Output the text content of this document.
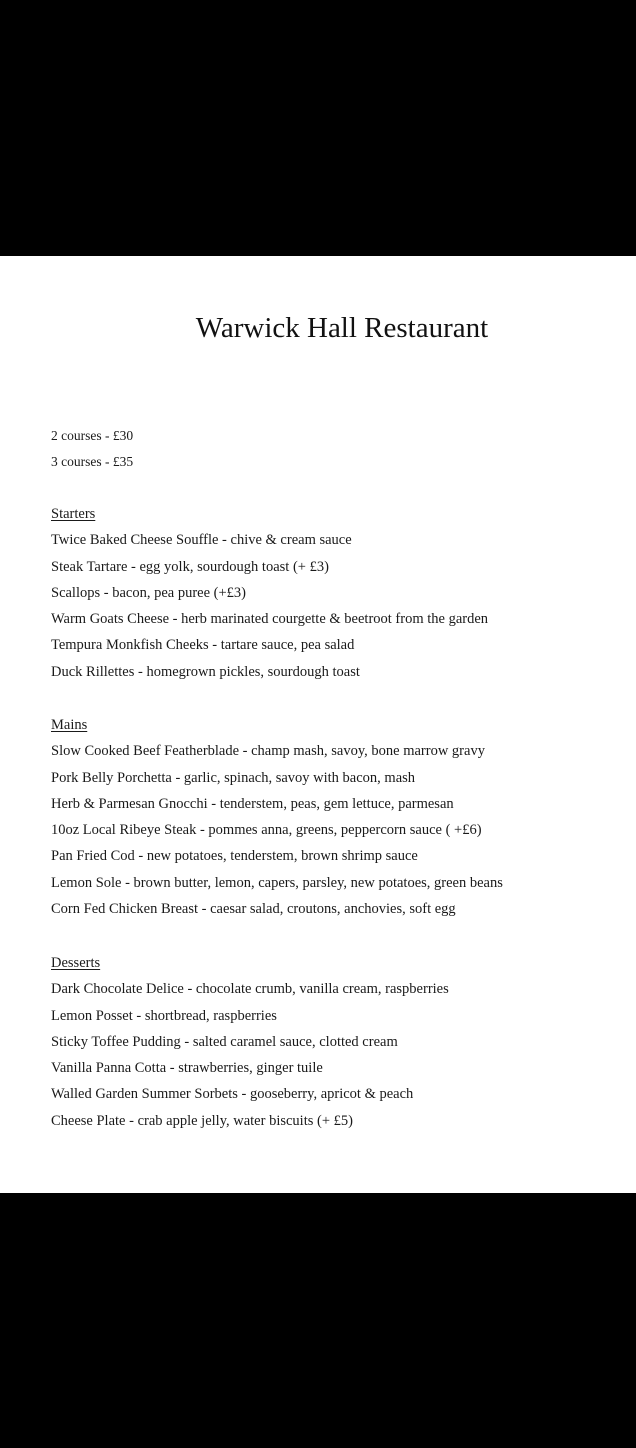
Warwick Hall Restaurant
2 courses - £30
3 courses - £35
Starters
Twice Baked Cheese Souffle - chive & cream sauce
Steak Tartare - egg yolk, sourdough toast (+ £3)
Scallops - bacon, pea puree (+£3)
Warm Goats Cheese - herb marinated courgette & beetroot from the garden
Tempura Monkfish Cheeks - tartare sauce, pea salad
Duck Rillettes - homegrown pickles, sourdough toast
Mains
Slow Cooked Beef Featherblade - champ mash, savoy, bone marrow gravy
Pork Belly Porchetta - garlic, spinach, savoy with bacon, mash
Herb & Parmesan Gnocchi - tenderstem, peas, gem lettuce, parmesan
10oz Local Ribeye Steak - pommes anna, greens, peppercorn sauce ( +£6)
Pan Fried Cod - new potatoes, tenderstem, brown shrimp sauce
Lemon Sole - brown butter, lemon, capers, parsley, new potatoes, green beans
Corn Fed Chicken Breast - caesar salad, croutons, anchovies, soft egg
Desserts
Dark Chocolate Delice - chocolate crumb, vanilla cream, raspberries
Lemon Posset - shortbread, raspberries
Sticky Toffee Pudding - salted caramel sauce, clotted cream
Vanilla Panna Cotta - strawberries, ginger tuile
Walled Garden Summer Sorbets - gooseberry, apricot & peach
Cheese Plate - crab apple jelly, water biscuits (+ £5)
